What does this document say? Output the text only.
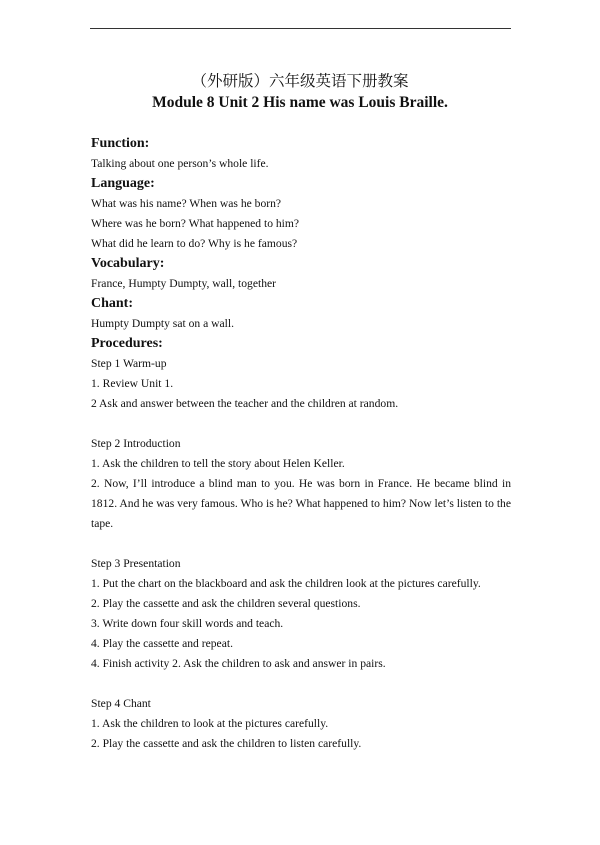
（外研版）六年级英语下册教案
Module 8 Unit 2 His name was Louis Braille.
Function:
Talking about one person’s whole life.
Language:
What was his name? When was he born?
Where was he born? What happened to him?
What did he learn to do? Why is he famous?
Vocabulary:
France, Humpty Dumpty, wall, together
Chant:
Humpty Dumpty sat on a wall.
Procedures:
Step 1 Warm-up
1. Review Unit 1.
2 Ask and answer between the teacher and the children at random.
Step 2 Introduction
1. Ask the children to tell the story about Helen Keller.
2. Now, I’ll introduce a blind man to you. He was born in France. He became blind in 1812. And he was very famous. Who is he? What happened to him? Now let’s listen to the tape.
Step 3 Presentation
1. Put the chart on the blackboard and ask the children look at the pictures carefully.
2. Play the cassette and ask the children several questions.
3. Write down four skill words and teach.
4. Play the cassette and repeat.
4. Finish activity 2. Ask the children to ask and answer in pairs.
Step 4 Chant
1. Ask the children to look at the pictures carefully.
2. Play the cassette and ask the children to listen carefully.
